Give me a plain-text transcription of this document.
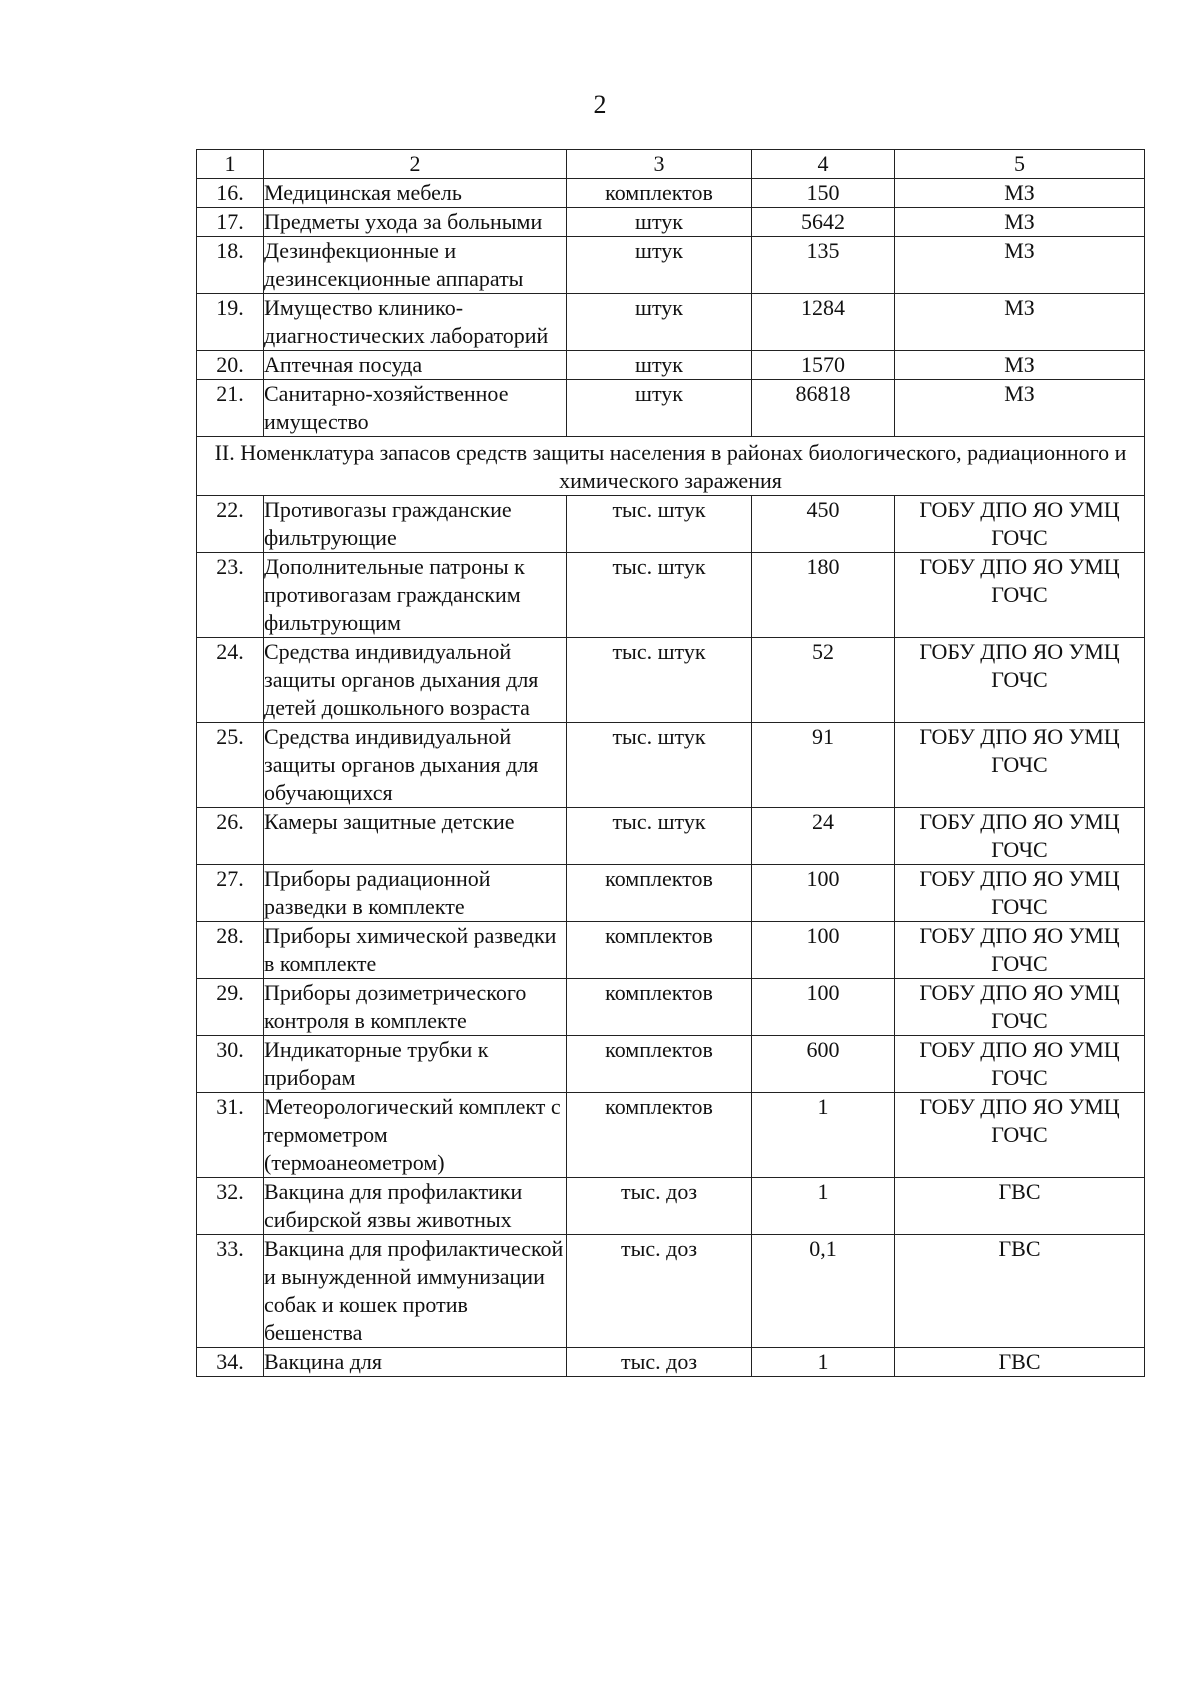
2
1	2	3	4	5
16.	Медицинская мебель	комплектов	150	МЗ
17.	Предметы ухода за больными	штук	5642	МЗ
18.	Дезинфекционные и дезинсекционные аппараты	штук	135	МЗ
19.	Имущество клинико-диагностических лабораторий	штук	1284	МЗ
20.	Аптечная посуда	штук	1570	МЗ
21.	Санитарно-хозяйственное имущество	штук	86818	МЗ
II. Номенклатура запасов средств защиты населения в районах биологического, радиационного и химического заражения				
22.	Противогазы гражданские фильтрующие	тыс. штук	450	ГОБУ ДПО ЯО УМЦ ГОЧС
23.	Дополнительные патроны к противогазам гражданским фильтрующим	тыс. штук	180	ГОБУ ДПО ЯО УМЦ ГОЧС
24.	Средства индивидуальной защиты органов дыхания для детей дошкольного возраста	тыс. штук	52	ГОБУ ДПО ЯО УМЦ ГОЧС
25.	Средства индивидуальной защиты органов дыхания для обучающихся	тыс. штук	91	ГОБУ ДПО ЯО УМЦ ГОЧС
26.	Камеры защитные детские	тыс. штук	24	ГОБУ ДПО ЯО УМЦ ГОЧС
27.	Приборы радиационной разведки в комплекте	комплектов	100	ГОБУ ДПО ЯО УМЦ ГОЧС
28.	Приборы химической разведки в комплекте	комплектов	100	ГОБУ ДПО ЯО УМЦ ГОЧС
29.	Приборы дозиметрического контроля в комплекте	комплектов	100	ГОБУ ДПО ЯО УМЦ ГОЧС
30.	Индикаторные трубки к приборам	комплектов	600	ГОБУ ДПО ЯО УМЦ ГОЧС
31.	Метеорологический комплект с термометром (термоанеометром)	комплектов	1	ГОБУ ДПО ЯО УМЦ ГОЧС
32.	Вакцина для профилактики сибирской язвы животных	тыс. доз	1	ГВС
33.	Вакцина для профилактической и вынужденной иммунизации собак и кошек против бешенства	тыс. доз	0,1	ГВС
34.	Вакцина для	тыс. доз	1	ГВС
